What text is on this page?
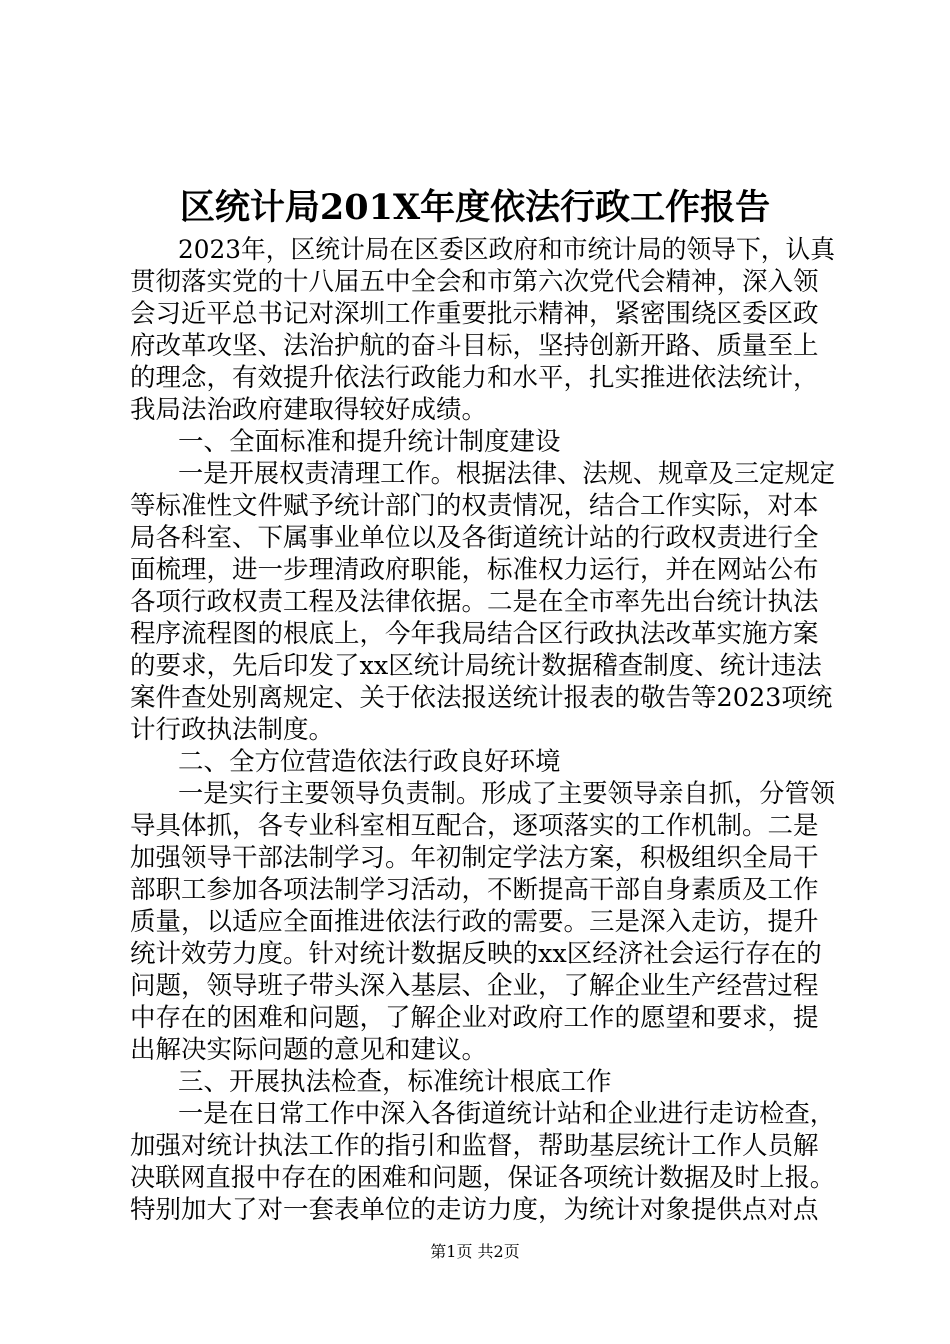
区统计局201X年度依法行政工作报告
2023年，区统计局在区委区政府和市统计局的领导下，认真
贯彻落实党的十八届五中全会和市第六次党代会精神，深入领
会习近平总书记对深圳工作重要批示精神，紧密围绕区委区政
府改革攻坚、法治护航的奋斗目标，坚持创新开路、质量至上
的理念，有效提升依法行政能力和水平，扎实推进依法统计，
我局法治政府建取得较好成绩。
一、全面标准和提升统计制度建设
一是开展权责清理工作。根据法律、法规、规章及三定规定
等标准性文件赋予统计部门的权责情况，结合工作实际，对本
局各科室、下属事业单位以及各街道统计站的行政权责进行全
面梳理，进一步理清政府职能，标准权力运行，并在网站公布
各项行政权责工程及法律依据。二是在全市率先出台统计执法
程序流程图的根底上，今年我局结合区行政执法改革实施方案
的要求，先后印发了xx区统计局统计数据稽查制度、统计违法
案件查处别离规定、关于依法报送统计报表的敬告等2023项统
计行政执法制度。
二、全方位营造依法行政良好环境
一是实行主要领导负责制。形成了主要领导亲自抓，分管领
导具体抓，各专业科室相互配合，逐项落实的工作机制。二是
加强领导干部法制学习。年初制定学法方案，积极组织全局干
部职工参加各项法制学习活动，不断提高干部自身素质及工作
质量，以适应全面推进依法行政的需要。三是深入走访，提升
统计效劳力度。针对统计数据反映的xx区经济社会运行存在的
问题，领导班子带头深入基层、企业，了解企业生产经营过程
中存在的困难和问题，了解企业对政府工作的愿望和要求，提
出解决实际问题的意见和建议。
三、开展执法检查，标准统计根底工作
一是在日常工作中深入各街道统计站和企业进行走访检查，
加强对统计执法工作的指引和监督，帮助基层统计工作人员解
决联网直报中存在的困难和问题，保证各项统计数据及时上报。
特别加大了对一套表单位的走访力度，为统计对象提供点对点
第1页 共2页
